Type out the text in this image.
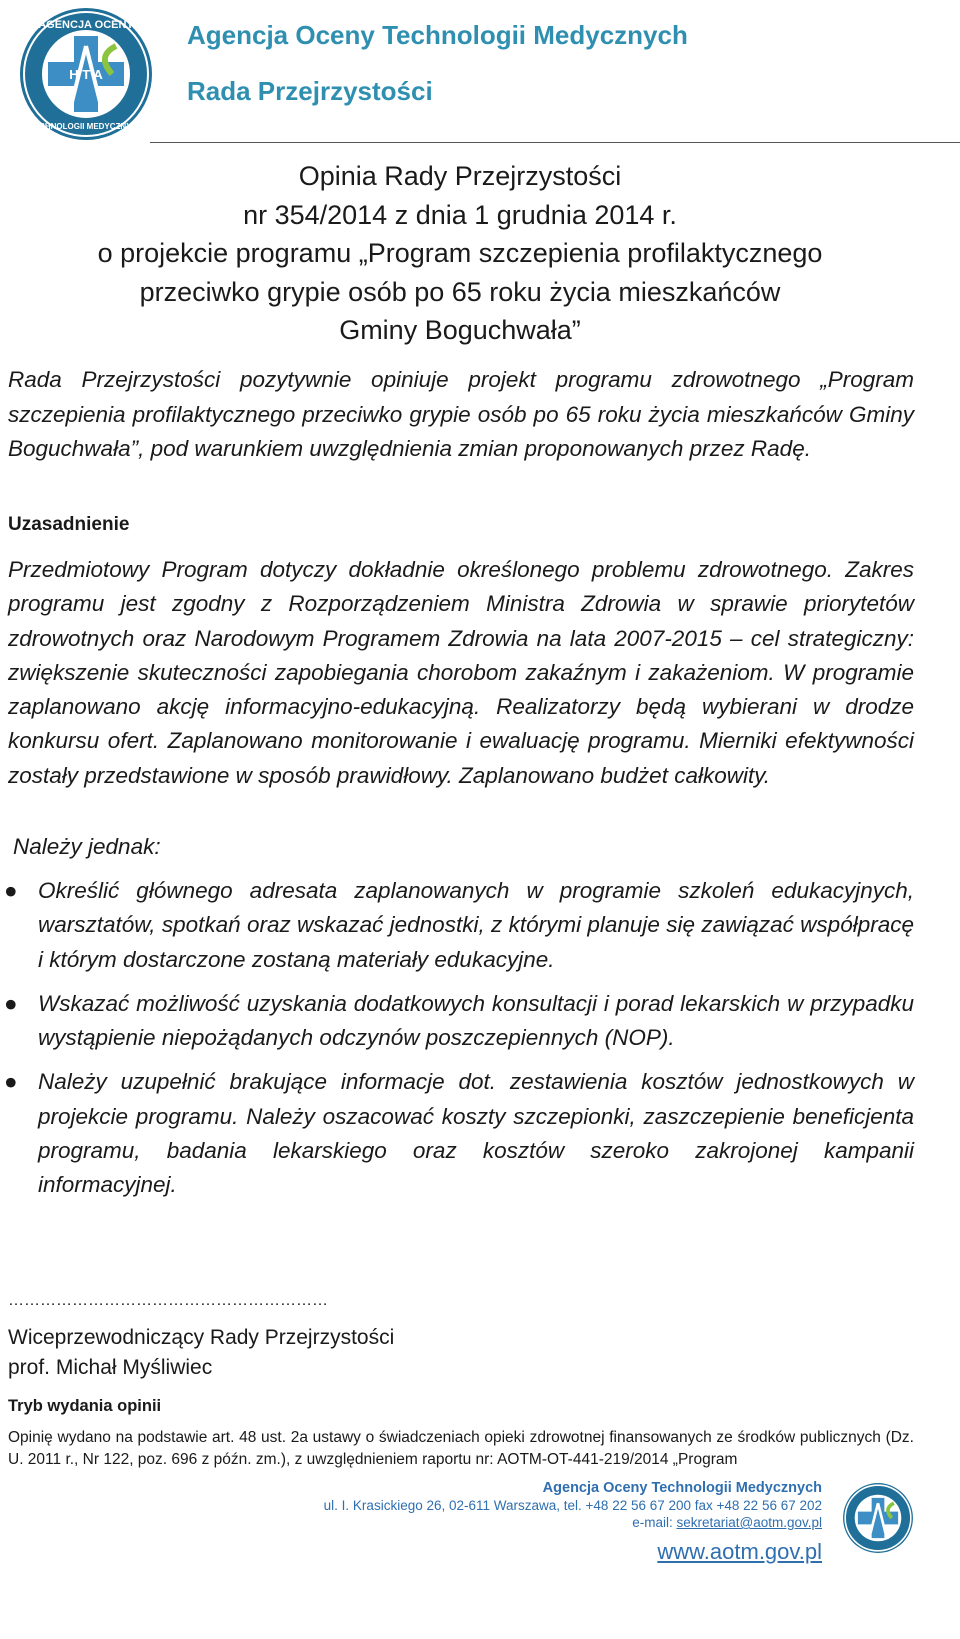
AGENCJA OCENY
TECHNOLOGII MEDYCZNYCH
H T A
Agencja Oceny Technologii Medycznych
Rada Przejrzystości
Opinia Rady Przejrzystości
nr 354/2014 z dnia 1 grudnia 2014 r.
o projekcie programu „Program szczepienia profilaktycznego
przeciwko grypie osób po 65 roku życia mieszkańców
Gminy Boguchwała”
Rada Przejrzystości pozytywnie opiniuje projekt programu zdrowotnego „Program szczepienia profilaktycznego przeciwko grypie osób po 65 roku życia mieszkańców Gminy Boguchwała”, pod warunkiem uwzględnienia zmian proponowanych przez Radę.
Uzasadnienie
Przedmiotowy Program dotyczy dokładnie określonego problemu zdrowotnego. Zakres programu jest zgodny z Rozporządzeniem Ministra Zdrowia w sprawie priorytetów zdrowotnych oraz Narodowym Programem Zdrowia na lata 2007-2015 – cel strategiczny: zwiększenie skuteczności zapobiegania chorobom zakaźnym i zakażeniom. W programie zaplanowano akcję informacyjno-edukacyjną. Realizatorzy będą wybierani w drodze konkursu ofert. Zaplanowano monitorowanie i ewaluację programu. Mierniki efektywności zostały przedstawione w sposób prawidłowy. Zaplanowano budżet całkowity.
Należy jednak:
● Określić głównego adresata zaplanowanych w programie szkoleń edukacyjnych, warsztatów, spotkań oraz wskazać jednostki, z którymi planuje się zawiązać współpracę i którym dostarczone zostaną materiały edukacyjne.
● Wskazać możliwość uzyskania dodatkowych konsultacji i porad lekarskich w przypadku wystąpienie niepożądanych odczynów poszczepiennych (NOP).
● Należy uzupełnić brakujące informacje dot. zestawienia kosztów jednostkowych w projekcie programu. Należy oszacować koszty szczepionki, zaszczepienie beneficjenta programu, badania lekarskiego oraz kosztów szeroko zakrojonej kampanii informacyjnej.
……………………………………………………
Wiceprzewodniczący Rady Przejrzystości
prof. Michał Myśliwiec
Tryb wydania opinii
Opinię wydano na podstawie art. 48 ust. 2a ustawy o świadczeniach opieki zdrowotnej finansowanych ze środków publicznych (Dz. U. 2011 r., Nr 122, poz. 696 z późn. zm.), z uwzględnieniem raportu nr: AOTM-OT-441-219/2014 „Program
Agencja Oceny Technologii Medycznych
ul. I. Krasickiego 26, 02-611 Warszawa, tel. +48 22 56 67 200 fax +48 22 56 67 202
e-mail: sekretariat@aotm.gov.pl
www.aotm.gov.pl
